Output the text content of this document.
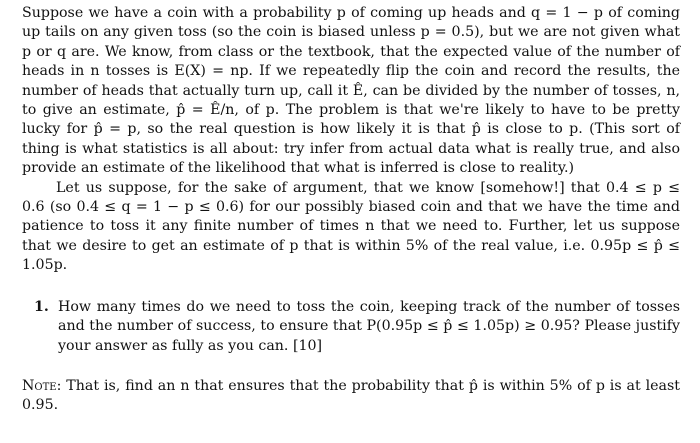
Suppose we have a coin with a probability p of coming up heads and q = 1 − p of coming up tails on any given toss (so the coin is biased unless p = 0.5), but we are not given what p or q are. We know, from class or the textbook, that the expected value of the number of heads in n tosses is E(X) = np. If we repeatedly flip the coin and record the results, the number of heads that actually turn up, call it Ê, can be divided by the number of tosses, n, to give an estimate, p̂ = Ê/n, of p. The problem is that we're likely to have to be pretty lucky for p̂ = p, so the real question is how likely it is that p̂ is close to p. (This sort of thing is what statistics is all about: try infer from actual data what is really true, and also provide an estimate of the likelihood that what is inferred is close to reality.)

Let us suppose, for the sake of argument, that we know [somehow!] that 0.4 ≤ p ≤ 0.6 (so 0.4 ≤ q = 1 − p ≤ 0.6) for our possibly biased coin and that we have the time and patience to toss it any finite number of times n that we need to. Further, let us suppose that we desire to get an estimate of p that is within 5% of the real value, i.e. 0.95p ≤ p̂ ≤ 1.05p.

1. How many times do we need to toss the coin, keeping track of the number of tosses and the number of success, to ensure that P(0.95p ≤ p̂ ≤ 1.05p) ≥ 0.95? Please justify your answer as fully as you can. [10]

Note: That is, find an n that ensures that the probability that p̂ is within 5% of p is at least 0.95.
